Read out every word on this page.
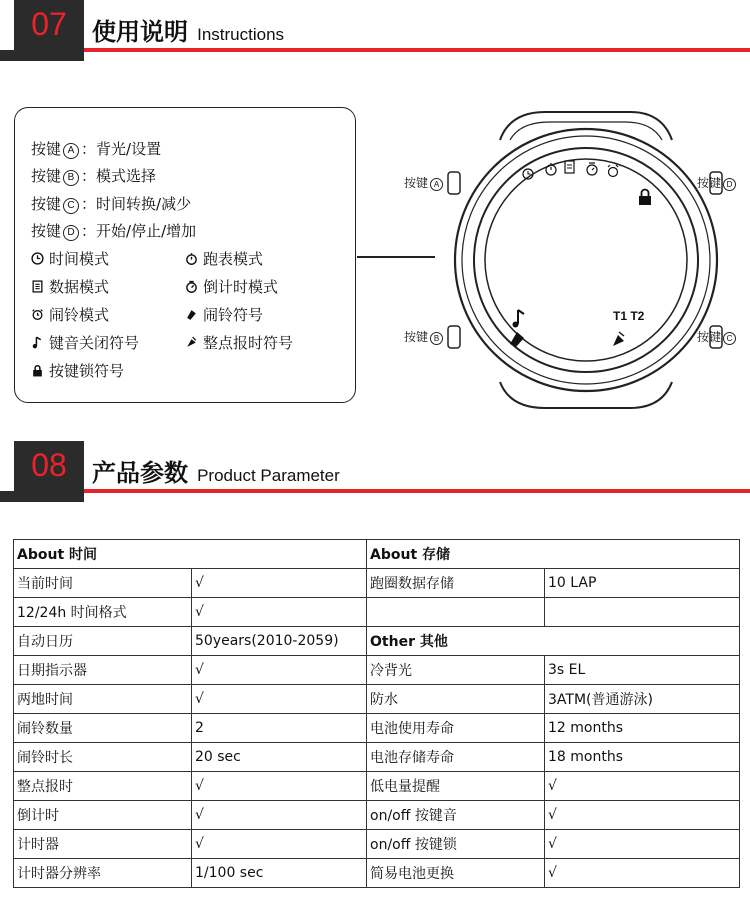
07	使用说明 Instructions
按键 A ：背光/设置
按键 B ：模式选择
按键 C ：时间转换/减少
按键 D ：开始/停止/增加
时间模式	跑表模式
数据模式	倒计时模式
闹铃模式	闹铃符号
键音关闭符号	整点报时符号
按键锁符号
按键 A
按键 B	按键 C
按键 D
T1 T2
08	产品参数 Product Parameter
About 时间		About 存储	
当前时间	√	跑圈数据存储	10 LAP
12/24h 时间格式	√		
自动日历	50years(2010-2059)	Other 其他	
日期指示器	√	冷背光	3s EL
两地时间	√	防水	3ATM(普通游泳)
闹铃数量	2	电池使用寿命	12 months
闹铃时长	20 sec	电池存储寿命	18 months
整点报时	√	低电量提醒	√
倒计时	√	on/off 按键音	√
计时器	√	on/off 按键锁	√
计时器分辨率	1/100 sec	简易电池更换	√
